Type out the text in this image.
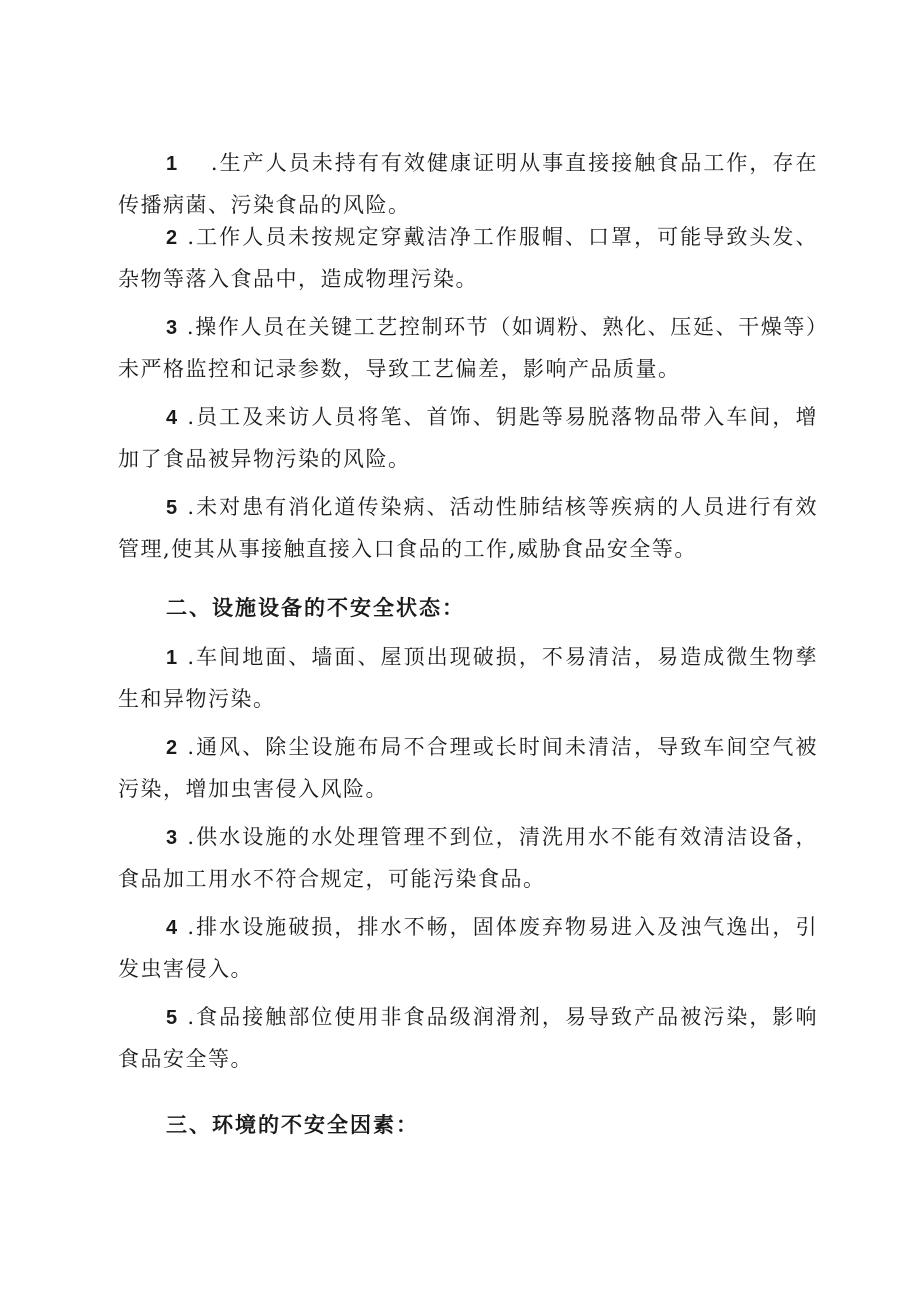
1　 .生产人员未持有有效健康证明从事直接接触食品工作，存在传播病菌、污染食品的风险。

2 .工作人员未按规定穿戴洁净工作服帽、口罩，可能导致头发、杂物等落入食品中，造成物理污染。

3 .操作人员在关键工艺控制环节（如调粉、熟化、压延、干燥等）未严格监控和记录参数，导致工艺偏差，影响产品质量。

4 .员工及来访人员将笔、首饰、钥匙等易脱落物品带入车间，增加了食品被异物污染的风险。

5 .未对患有消化道传染病、活动性肺结核等疾病的人员进行有效管理,使其从事接触直接入口食品的工作,威胁食品安全等。

二、设施设备的不安全状态：

1 .车间地面、墙面、屋顶出现破损，不易清洁，易造成微生物孳生和异物污染。

2 .通风、除尘设施布局不合理或长时间未清洁，导致车间空气被污染，增加虫害侵入风险。

3 .供水设施的水处理管理不到位，清洗用水不能有效清洁设备，食品加工用水不符合规定，可能污染食品。

4 .排水设施破损，排水不畅，固体废弃物易进入及浊气逸出，引发虫害侵入。

5 .食品接触部位使用非食品级润滑剂，易导致产品被污染，影响食品安全等。

三、环境的不安全因素：
